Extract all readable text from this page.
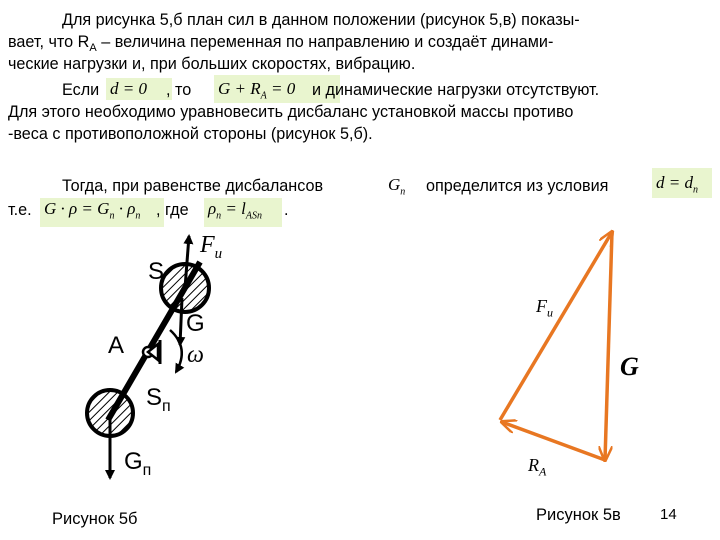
Для рисунка 5,б план сил в данном положении (рисунок 5,в) показы-
вает, что $R_A$ – величина переменная по направлению и создаёт динами-
ческие нагрузки и, при больших скоростях, вибрацию.
Если d = 0	, то $G + R_A = 0$	и динамические нагрузки отсутствуют.
Для этого необходимо уравновесить дисбаланс установкой массы противо
-веса с противоположной стороны (рисунок 5,б).
Тогда, при равенстве дисбалансов	$G_п$ определится из условия	$d = d_п$
т.е. $G \cdot \rho = G_п \cdot \rho_п$ , где $\rho_п = l_{ASп}$	.
$F_u$
S
G
A	ω
$S_п$
$G_п$
$F_u$
G
$R_A$
Рисунок 5б	Рисунок 5в	14
